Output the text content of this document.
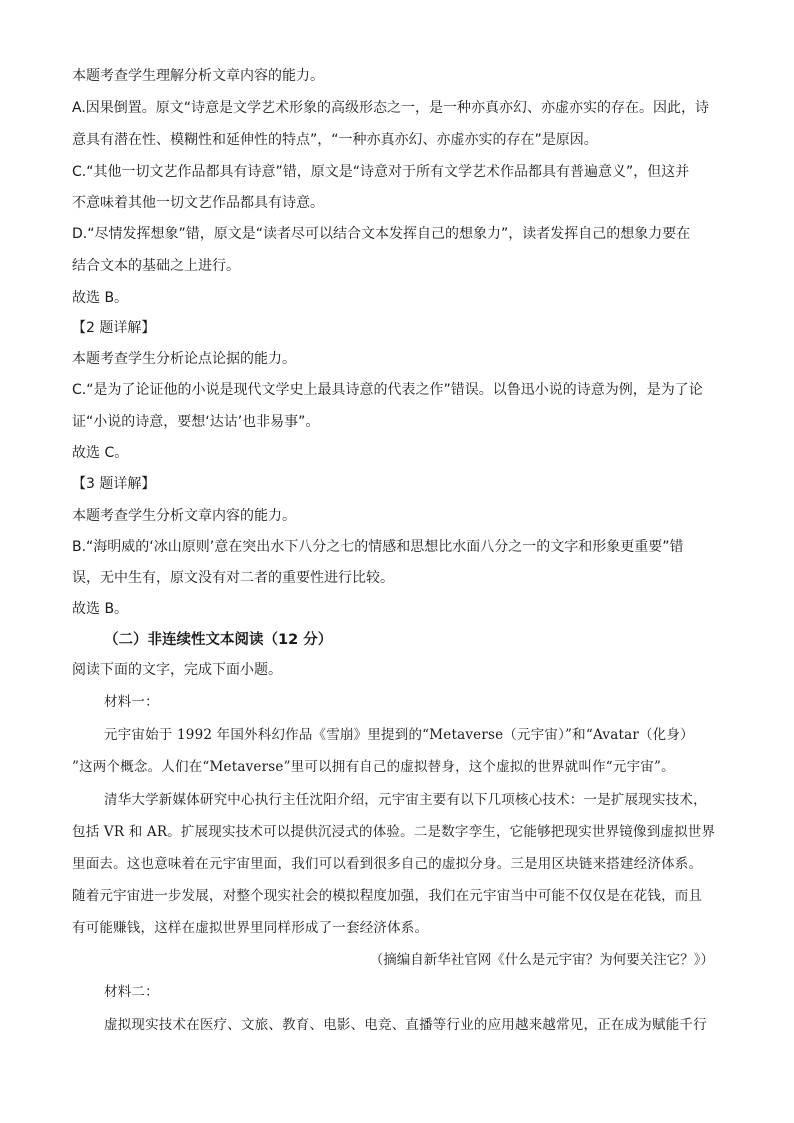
本题考查学生理解分析文章内容的能力。
A.因果倒置。原文“诗意是文学艺术形象的高级形态之一，是一种亦真亦幻、亦虚亦实的存在。因此，诗
意具有潜在性、模糊性和延伸性的特点”，“一种亦真亦幻、亦虚亦实的存在”是原因。
C.“其他一切文艺作品都具有诗意”错，原文是“诗意对于所有文学艺术作品都具有普遍意义”，但这并
不意味着其他一切文艺作品都具有诗意。
D.“尽情发挥想象”错，原文是“读者尽可以结合文本发挥自己的想象力”，读者发挥自己的想象力要在
结合文本的基础之上进行。
故选 B。
【2 题详解】
本题考查学生分析论点论据的能力。
C.“是为了论证他的小说是现代文学史上最具诗意的代表之作”错误。以鲁迅小说的诗意为例，是为了论
证“小说的诗意，要想‘达诂’也非易事”。
故选 C。
【3 题详解】
本题考查学生分析文章内容的能力。
B.“海明威的‘冰山原则’意在突出水下八分之七的情感和思想比水面八分之一的文字和形象更重要”错
误，无中生有，原文没有对二者的重要性进行比较。
故选 B。
（二）非连续性文本阅读（12 分）
阅读下面的文字，完成下面小题。
材料一：
元宇宙始于 1992 年国外科幻作品《雪崩》里提到的“Metaverse（元宇宙）”和“Avatar（化身）
”这两个概念。人们在“Metaverse”里可以拥有自己的虚拟替身，这个虚拟的世界就叫作“元宇宙”。
清华大学新媒体研究中心执行主任沈阳介绍，元宇宙主要有以下几项核心技术：一是扩展现实技术，
包括 VR 和 AR。扩展现实技术可以提供沉浸式的体验。二是数字孪生，它能够把现实世界镜像到虚拟世界
里面去。这也意味着在元宇宙里面，我们可以看到很多自己的虚拟分身。三是用区块链来搭建经济体系。
随着元宇宙进一步发展，对整个现实社会的模拟程度加强，我们在元宇宙当中可能不仅仅是在花钱，而且
有可能赚钱，这样在虚拟世界里同样形成了一套经济体系。
（摘编自新华社官网《什么是元宇宙？为何要关注它？》）
材料二：
虚拟现实技术在医疗、文旅、教育、电影、电竞、直播等行业的应用越来越常见，正在成为赋能千行
